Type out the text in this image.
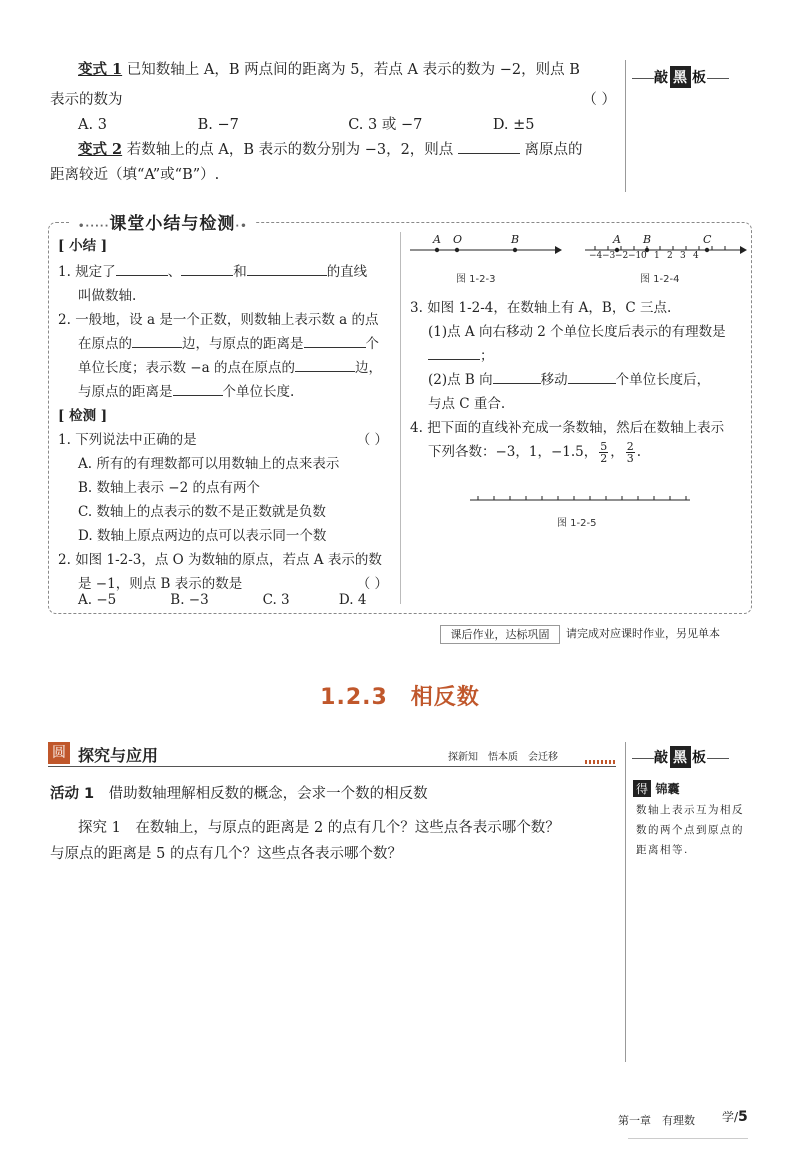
变式 1 已知数轴上 A，B 两点间的距离为 5，若点 A 表示的数为 −2，则点 B
表示的数为	（ ）
A. 3	B. −7	C. 3 或 −7	D. ±5
变式 2 若数轴上的点 A，B 表示的数分别为 −3，2，则点	离原点的
距离较近（填“A”或“B”）.
敲 黑 板
•·····课堂小结与检测·•
[ 小结 ]
1. 规定了	、	和	的直线
叫做数轴.
2. 一般地，设 a 是一个正数，则数轴上表示数 a 的点
在原点的	边，与原点的距离是	个
单位长度；表示数 −a 的点在原点的	边，
与原点的距离是	个单位长度.
[ 检测 ]
1. 下列说法中正确的是	（ ）
A. 所有的有理数都可以用数轴上的点来表示
B. 数轴上表示 −2 的点有两个
C. 数轴上的点表示的数不是正数就是负数
D. 数轴上原点两边的点可以表示同一个数
2. 如图 1-2-3，点 O 为数轴的原点，若点 A 表示的数
是 −1，则点 B 表示的数是	（ ）
A. −5	B. −3	C. 3	D. 4
A O	B	A B	C
−4−3−2−10 1 2 3 4
图 1-2-3	图 1-2-4
3. 如图 1-2-4，在数轴上有 A，B，C 三点.
(1)点 A 向右移动 2 个单位长度后表示的有理数是
；
(2)点 B 向	移动	个单位长度后，
与点 C 重合.
4. 把下面的直线补充成一条数轴，然后在数轴上表示
下列各数：−3，1，−1.5， $\frac{5}{2}$ ， $\frac{2}{3}$ .
图 1-2-5
课后作业，达标巩固	请完成对应课时作业，另见单本
1.2.3　相反数
圆 探究与应用	探新知　悟本质　会迁移
活动 1　 借助数轴理解相反数的概念，会求一个数的相反数
探究 1　 在数轴上，与原点的距离是 2 的点有几个？这些点各表示哪个数？
与原点的距离是 5 的点有几个？这些点各表示哪个数？
敲 黑 板
得 锦囊
数轴上表示互为相反
数的两个点到原点的
距离相等.
第一章　有理数 学/5
